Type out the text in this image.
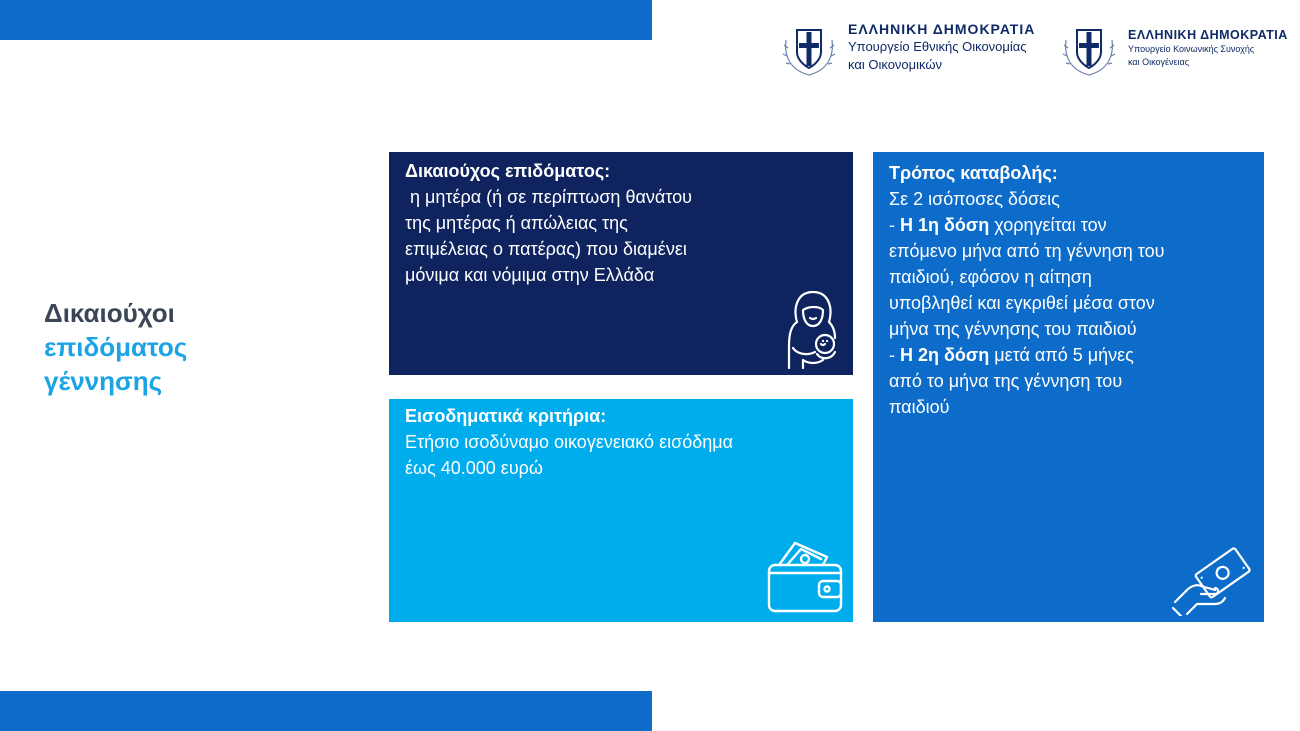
ΕΛΛΗΝΙΚΗ ΔΗΜΟΚΡΑΤΙΑ
Υπουργείο Εθνικής Οικονομίας
και Οικονομικών
ΕΛΛΗΝΙΚΗ ΔΗΜΟΚΡΑΤΙΑ
Υπουργείο Κοινωνικής Συνοχής
και Οικογένειας
Δικαιούχοι
επιδόματος
γέννησης
Δικαιούχος επιδόματος:
η μητέρα (ή σε περίπτωση θανάτου
της μητέρας ή απώλειας της
επιμέλειας ο πατέρας) που διαμένει
μόνιμα και νόμιμα στην Ελλάδα
Εισοδηματικά κριτήρια:
Ετήσιο ισοδύναμο οικογενειακό εισόδημα
έως 40.000 ευρώ
Τρόπος καταβολής:
Σε 2 ισόποσες δόσεις
- Η 1η δόση χορηγείται τον
επόμενο μήνα από τη γέννηση του
παιδιού, εφόσον η αίτηση
υποβληθεί και εγκριθεί μέσα στον
μήνα της γέννησης του παιδιού
- Η 2η δόση μετά από 5 μήνες
από το μήνα της γέννηση του
παιδιού
